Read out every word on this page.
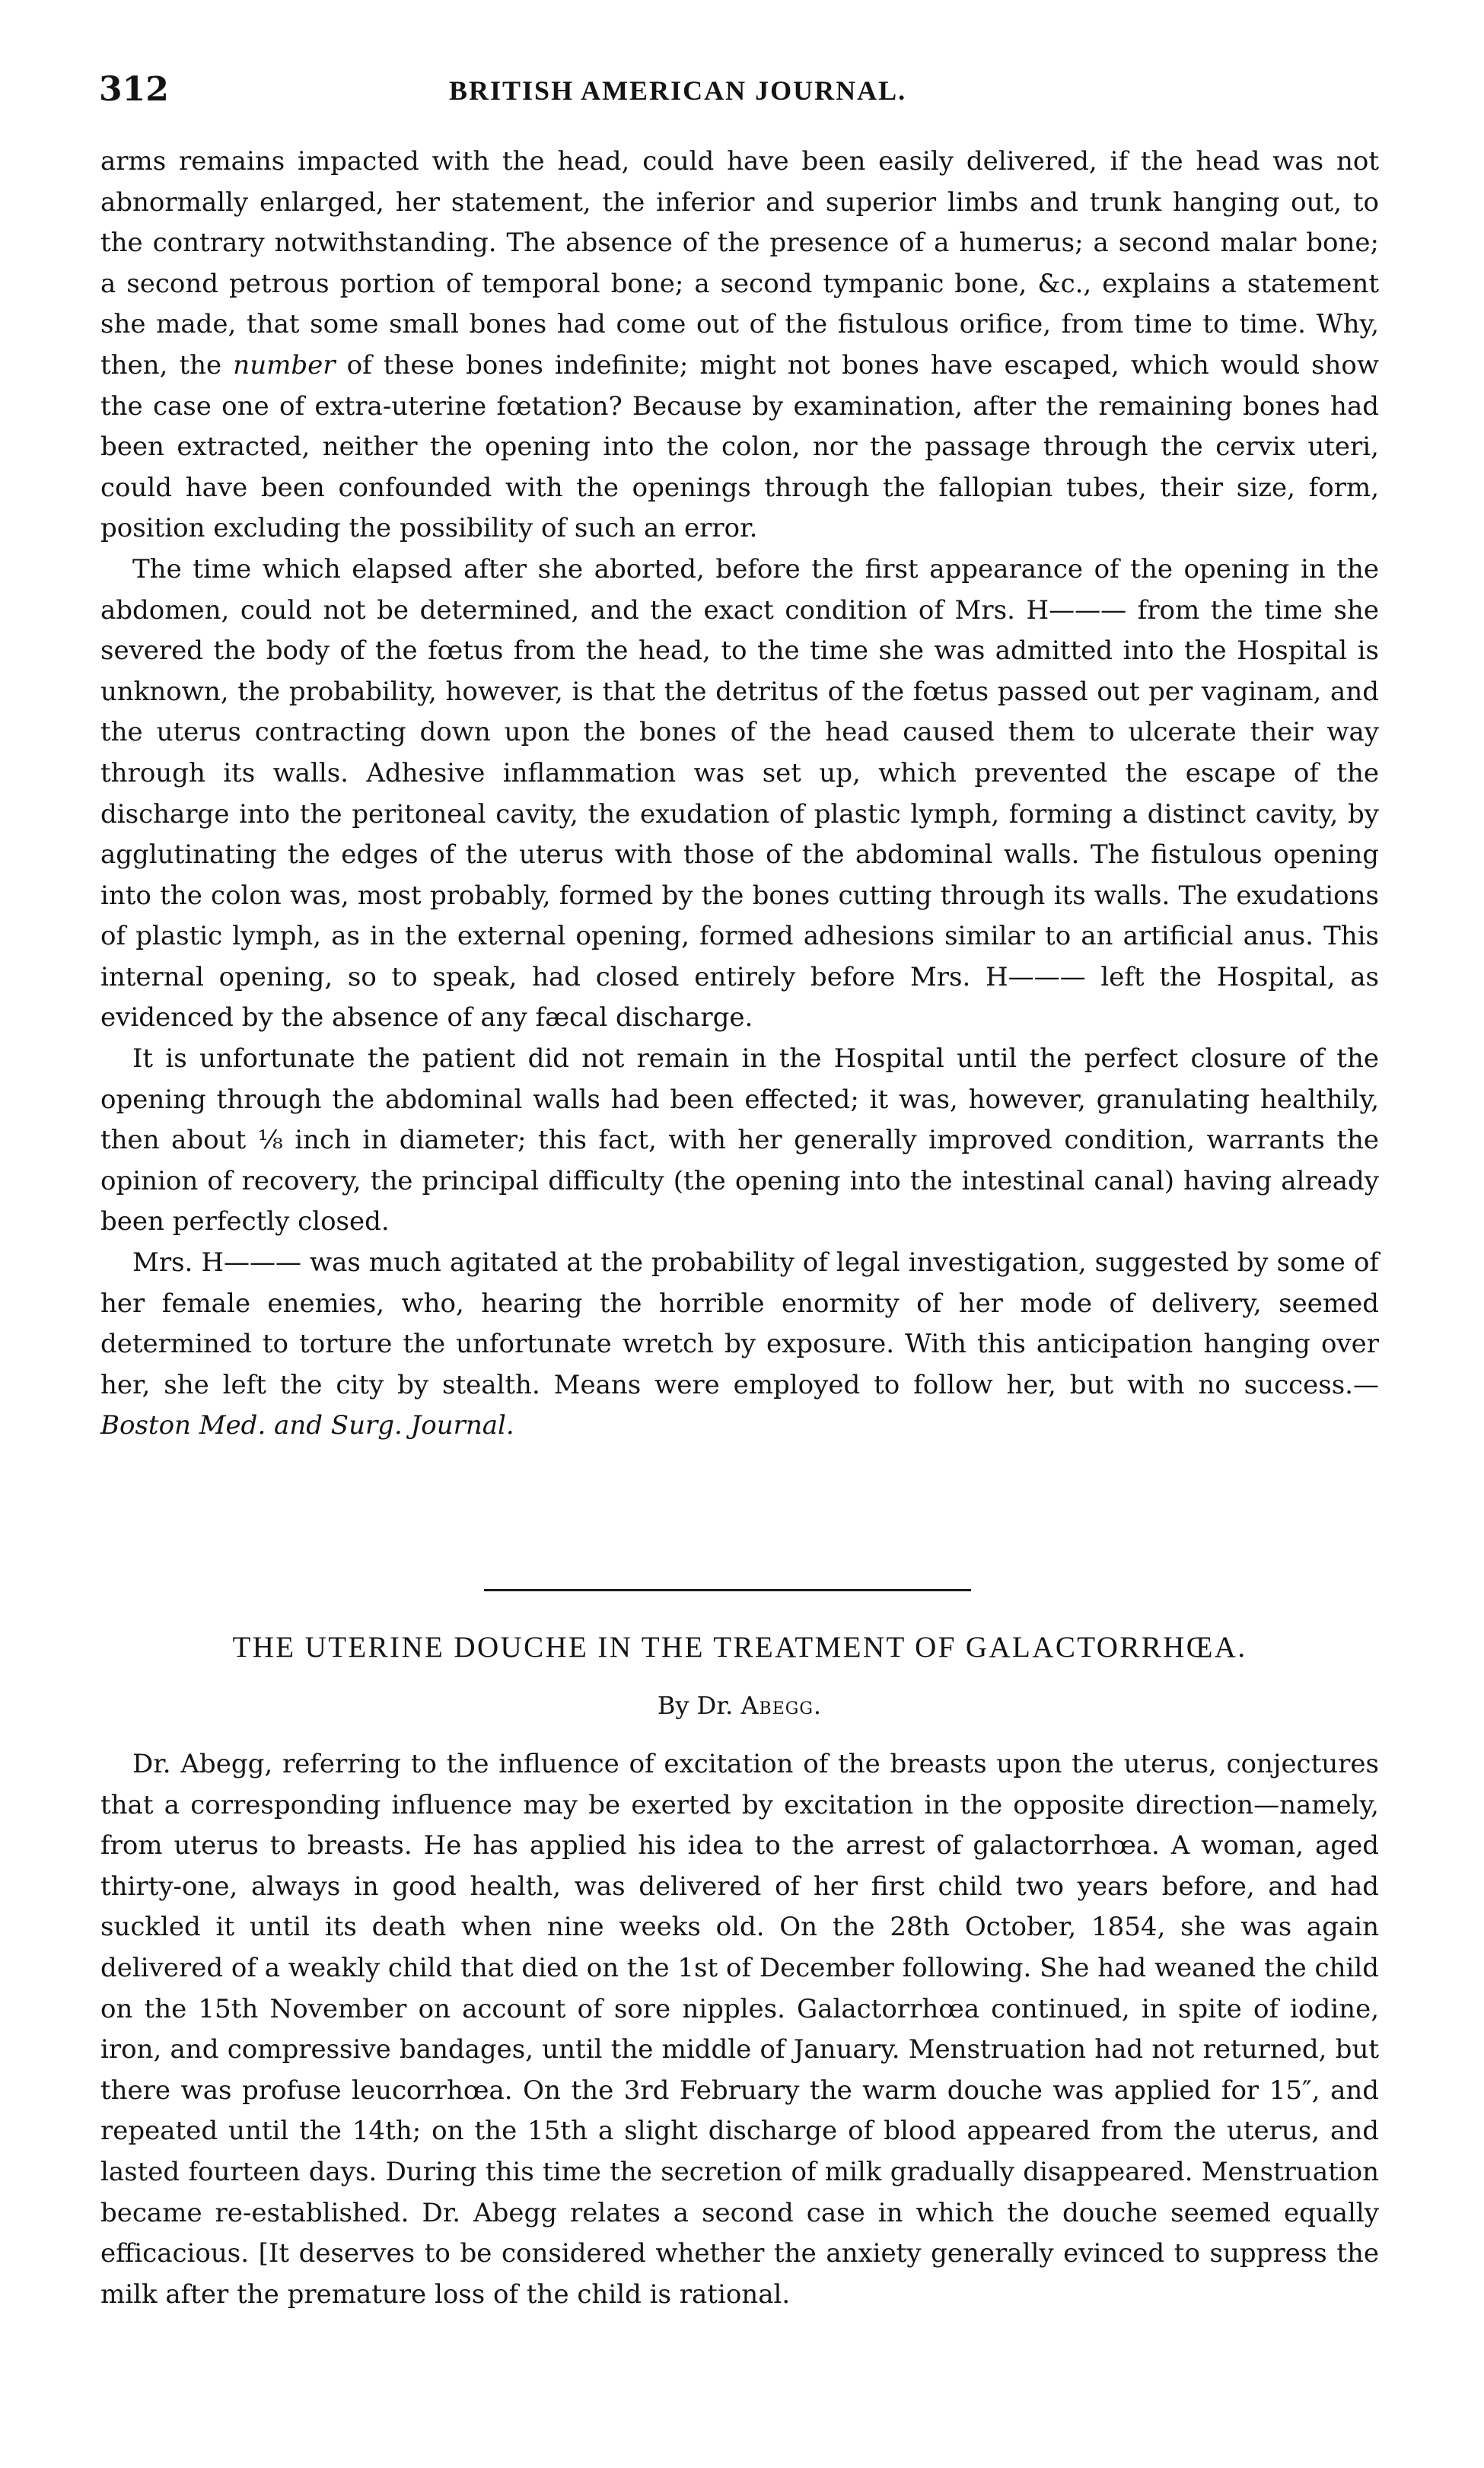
312	BRITISH AMERICAN JOURNAL.

arms remains impacted with the head, could have been easily delivered, if the head was not abnormally enlarged, her statement, the inferior and superior limbs and trunk hanging out, to the contrary notwithstanding. The absence of the presence of a humerus; a second malar bone; a second petrous portion of temporal bone; a second tympanic bone, &c., explains a statement she made, that some small bones had come out of the fistulous orifice, from time to time. Why, then, the number of these bones indefinite; might not bones have escaped, which would show the case one of extra-uterine fœtation? Because by examination, after the remaining bones had been extracted, neither the opening into the colon, nor the passage through the cervix uteri, could have been confounded with the openings through the fallopian tubes, their size, form, position excluding the possibility of such an error.

The time which elapsed after she aborted, before the first appearance of the opening in the abdomen, could not be determined, and the exact condition of Mrs. H——— from the time she severed the body of the fœtus from the head, to the time she was admitted into the Hospital is unknown, the probability, however, is that the detritus of the fœtus passed out per vaginam, and the uterus contracting down upon the bones of the head caused them to ulcerate their way through its walls. Adhesive inflammation was set up, which prevented the escape of the discharge into the peritoneal cavity, the exudation of plastic lymph, forming a distinct cavity, by agglutinating the edges of the uterus with those of the abdominal walls. The fistulous opening into the colon was, most probably, formed by the bones cutting through its walls. The exudations of plastic lymph, as in the external opening, formed adhesions similar to an artificial anus. This internal opening, so to speak, had closed entirely before Mrs. H——— left the Hospital, as evidenced by the absence of any fæcal discharge.

It is unfortunate the patient did not remain in the Hospital until the perfect closure of the opening through the abdominal walls had been effected; it was, however, granulating healthily, then about ⅛ inch in diameter; this fact, with her generally improved condition, warrants the opinion of recovery, the principal difficulty (the opening into the intestinal canal) having already been perfectly closed.

Mrs. H——— was much agitated at the probability of legal investigation, suggested by some of her female enemies, who, hearing the horrible enormity of her mode of delivery, seemed determined to torture the unfortunate wretch by exposure. With this anticipation hanging over her, she left the city by stealth. Means were employed to follow her, but with no success.—Boston Med. and Surg. Journal.

THE UTERINE DOUCHE IN THE TREATMENT OF GALACTORRHŒA.
By Dr. Abegg.

Dr. Abegg, referring to the influence of excitation of the breasts upon the uterus, conjectures that a corresponding influence may be exerted by excitation in the opposite direction—namely, from uterus to breasts. He has applied his idea to the arrest of galactorrhœa. A woman, aged thirty-one, always in good health, was delivered of her first child two years before, and had suckled it until its death when nine weeks old. On the 28th October, 1854, she was again delivered of a weakly child that died on the 1st of December following. She had weaned the child on the 15th November on account of sore nipples. Galactorrhœa continued, in spite of iodine, iron, and compressive bandages, until the middle of January. Menstruation had not returned, but there was profuse leucorrhœa. On the 3rd February the warm douche was applied for 15″, and repeated until the 14th; on the 15th a slight discharge of blood appeared from the uterus, and lasted fourteen days. During this time the secretion of milk gradually disappeared. Menstruation became re-established. Dr. Abegg relates a second case in which the douche seemed equally efficacious. [It deserves to be considered whether the anxiety generally evinced to suppress the milk after the premature loss of the child is rational.
